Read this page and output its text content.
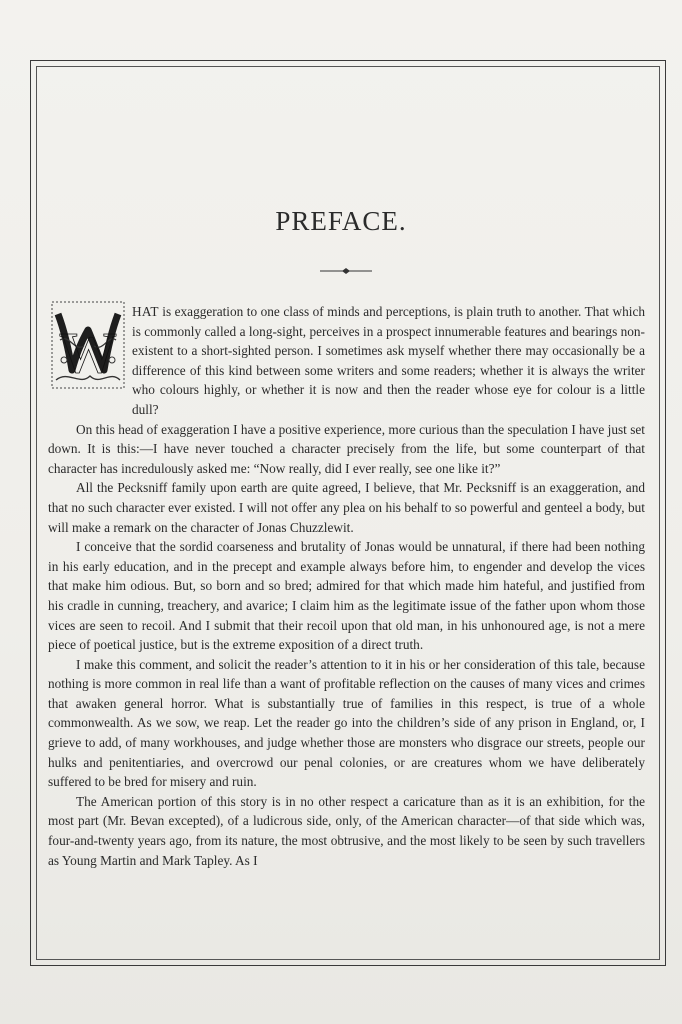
PREFACE.

HAT is exaggeration to one class of minds and perceptions, is plain truth to another. That which is commonly called a long-sight, perceives in a prospect innumerable features and bearings non-existent to a short-sighted person. I sometimes ask myself whether there may occasionally be a difference of this kind between some writers and some readers; whether it is always the writer who colours highly, or whether it is now and then the reader whose eye for colour is a little dull?

On this head of exaggeration I have a positive experience, more curious than the speculation I have just set down. It is this:—I have never touched a character precisely from the life, but some counterpart of that character has incredulously asked me: “Now really, did I ever really, see one like it?”

All the Pecksniff family upon earth are quite agreed, I believe, that Mr. Pecksniff is an exaggeration, and that no such character ever existed. I will not offer any plea on his behalf to so powerful and genteel a body, but will make a remark on the character of Jonas Chuzzlewit.

I conceive that the sordid coarseness and brutality of Jonas would be unnatural, if there had been nothing in his early education, and in the precept and example always before him, to engender and develop the vices that make him odious. But, so born and so bred; admired for that which made him hateful, and justified from his cradle in cunning, treachery, and avarice; I claim him as the legitimate issue of the father upon whom those vices are seen to recoil. And I submit that their recoil upon that old man, in his unhonoured age, is not a mere piece of poetical justice, but is the extreme exposition of a direct truth.

I make this comment, and solicit the reader’s attention to it in his or her consideration of this tale, because nothing is more common in real life than a want of profitable reflection on the causes of many vices and crimes that awaken general horror. What is substantially true of families in this respect, is true of a whole commonwealth. As we sow, we reap. Let the reader go into the children’s side of any prison in England, or, I grieve to add, of many workhouses, and judge whether those are monsters who disgrace our streets, people our hulks and penitentiaries, and overcrowd our penal colonies, or are creatures whom we have deliberately suffered to be bred for misery and ruin.

The American portion of this story is in no other respect a caricature than as it is an exhibition, for the most part (Mr. Bevan excepted), of a ludicrous side, only, of the American character—of that side which was, four-and-twenty years ago, from its nature, the most obtrusive, and the most likely to be seen by such travellers as Young Martin and Mark Tapley. As I

W
